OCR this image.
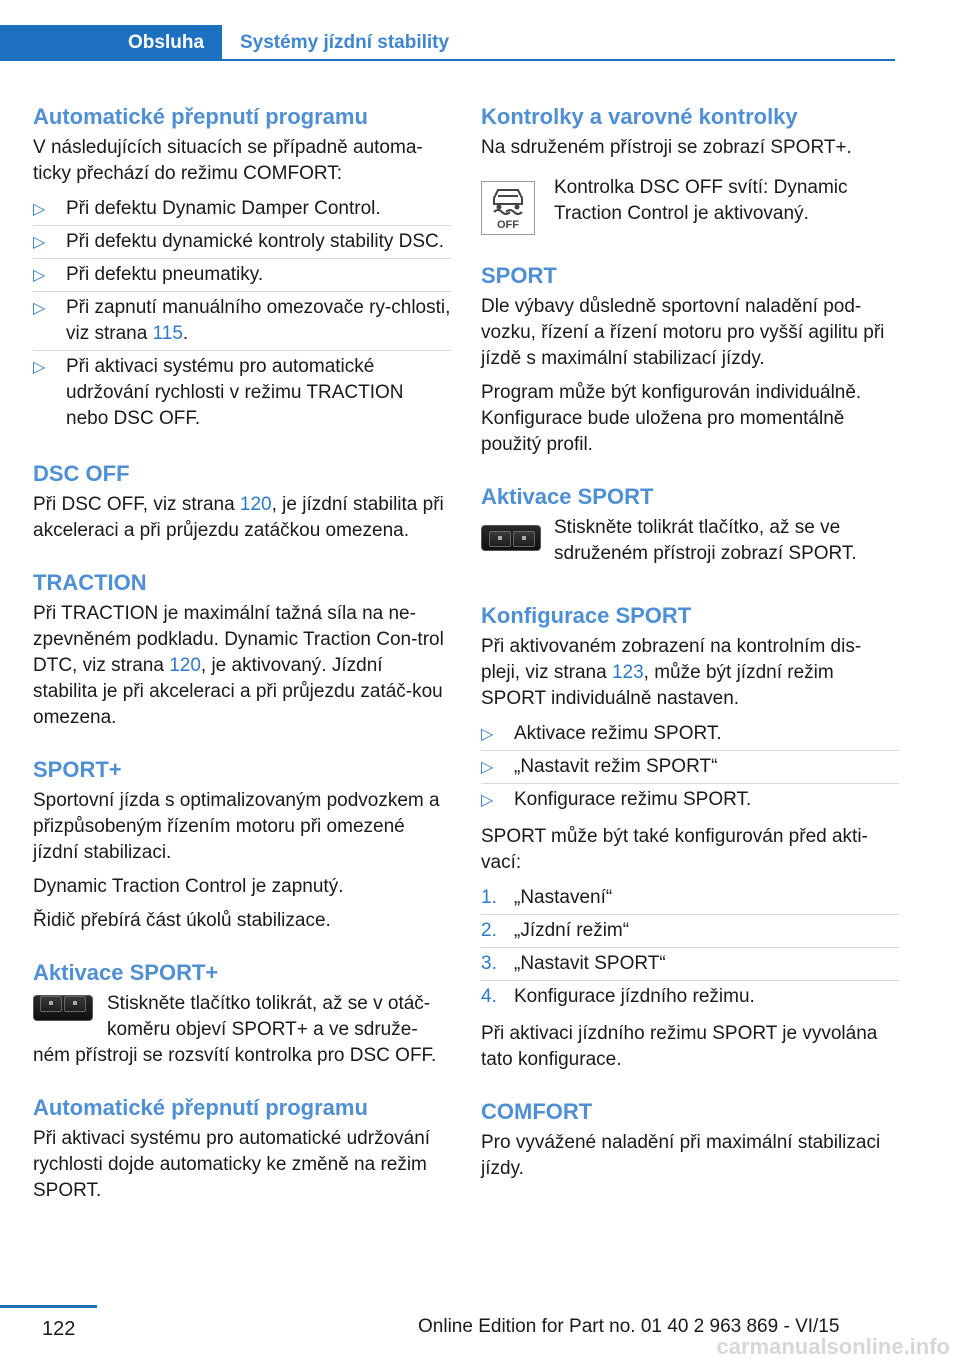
Obsluha	Systémy jízdní stability
Automatické přepnutí programu

V následujících situacích se případně automa-ticky přechází do režimu COMFORT:

▷ Při defektu Dynamic Damper Control.
▷ Při defektu dynamické kontroly stability DSC.
▷ Při defektu pneumatiky.
▷ Při zapnutí manuálního omezovače ry-chlosti, viz strana 115.
▷ Při aktivaci systému pro automatické udržování rychlosti v režimu TRACTION nebo DSC OFF.
DSC OFF

Při DSC OFF, viz strana 120, je jízdní stabilita při akceleraci a při průjezdu zatáčkou omezena.

TRACTION

Při TRACTION je maximální tažná síla na ne-zpevněném podkladu. Dynamic Traction Con-trol DTC, viz strana 120, je aktivovaný. Jízdní stabilita je při akceleraci a při průjezdu zatáč-kou omezena.

SPORT+

Sportovní jízda s optimalizovaným podvozkem a přizpůsobeným řízením motoru při omezené jízdní stabilizaci.

Dynamic Traction Control je zapnutý.

Řidič přebírá část úkolů stabilizace.

Aktivace SPORT+
Stiskněte tlačítko tolikrát, až se v otáč-koměru objeví SPORT+ a ve sdruže-ném přístroji se rozsvítí kontrolka pro DSC OFF.
Automatické přepnutí programu

Při aktivaci systému pro automatické udržování rychlosti dojde automaticky ke změně na režim SPORT.

Kontrolky a varovné kontrolky

Na sdruženém přístroji se zobrazí SPORT+.

OFF
Kontrolka DSC OFF svítí: Dynamic Traction Control je aktivovaný.
SPORT

Dle výbavy důsledně sportovní naladění pod-vozku, řízení a řízení motoru pro vyšší agilitu při jízdě s maximální stabilizací jízdy.

Program může být konfigurován individuálně. Konfigurace bude uložena pro momentálně použitý profil.

Aktivace SPORT
Stiskněte tolikrát tlačítko, až se ve sdruženém přístroji zobrazí SPORT.
Konfigurace SPORT

Při aktivovaném zobrazení na kontrolním dis-pleji, viz strana 123, může být jízdní režim SPORT individuálně nastaven.

▷ Aktivace režimu SPORT.
▷ „Nastavit režim SPORT“
▷ Konfigurace režimu SPORT.

SPORT může být také konfigurován před akti-vací:

1. „Nastavení“
2. „Jízdní režim“
3. „Nastavit SPORT“
4. Konfigurace jízdního režimu.

Při aktivaci jízdního režimu SPORT je vyvolána tato konfigurace.

COMFORT

Pro vyvážené naladění při maximální stabilizaci jízdy.

122	Online Edition for Part no. 01 40 2 963 869 - VI/15
carmanualsonline.info
